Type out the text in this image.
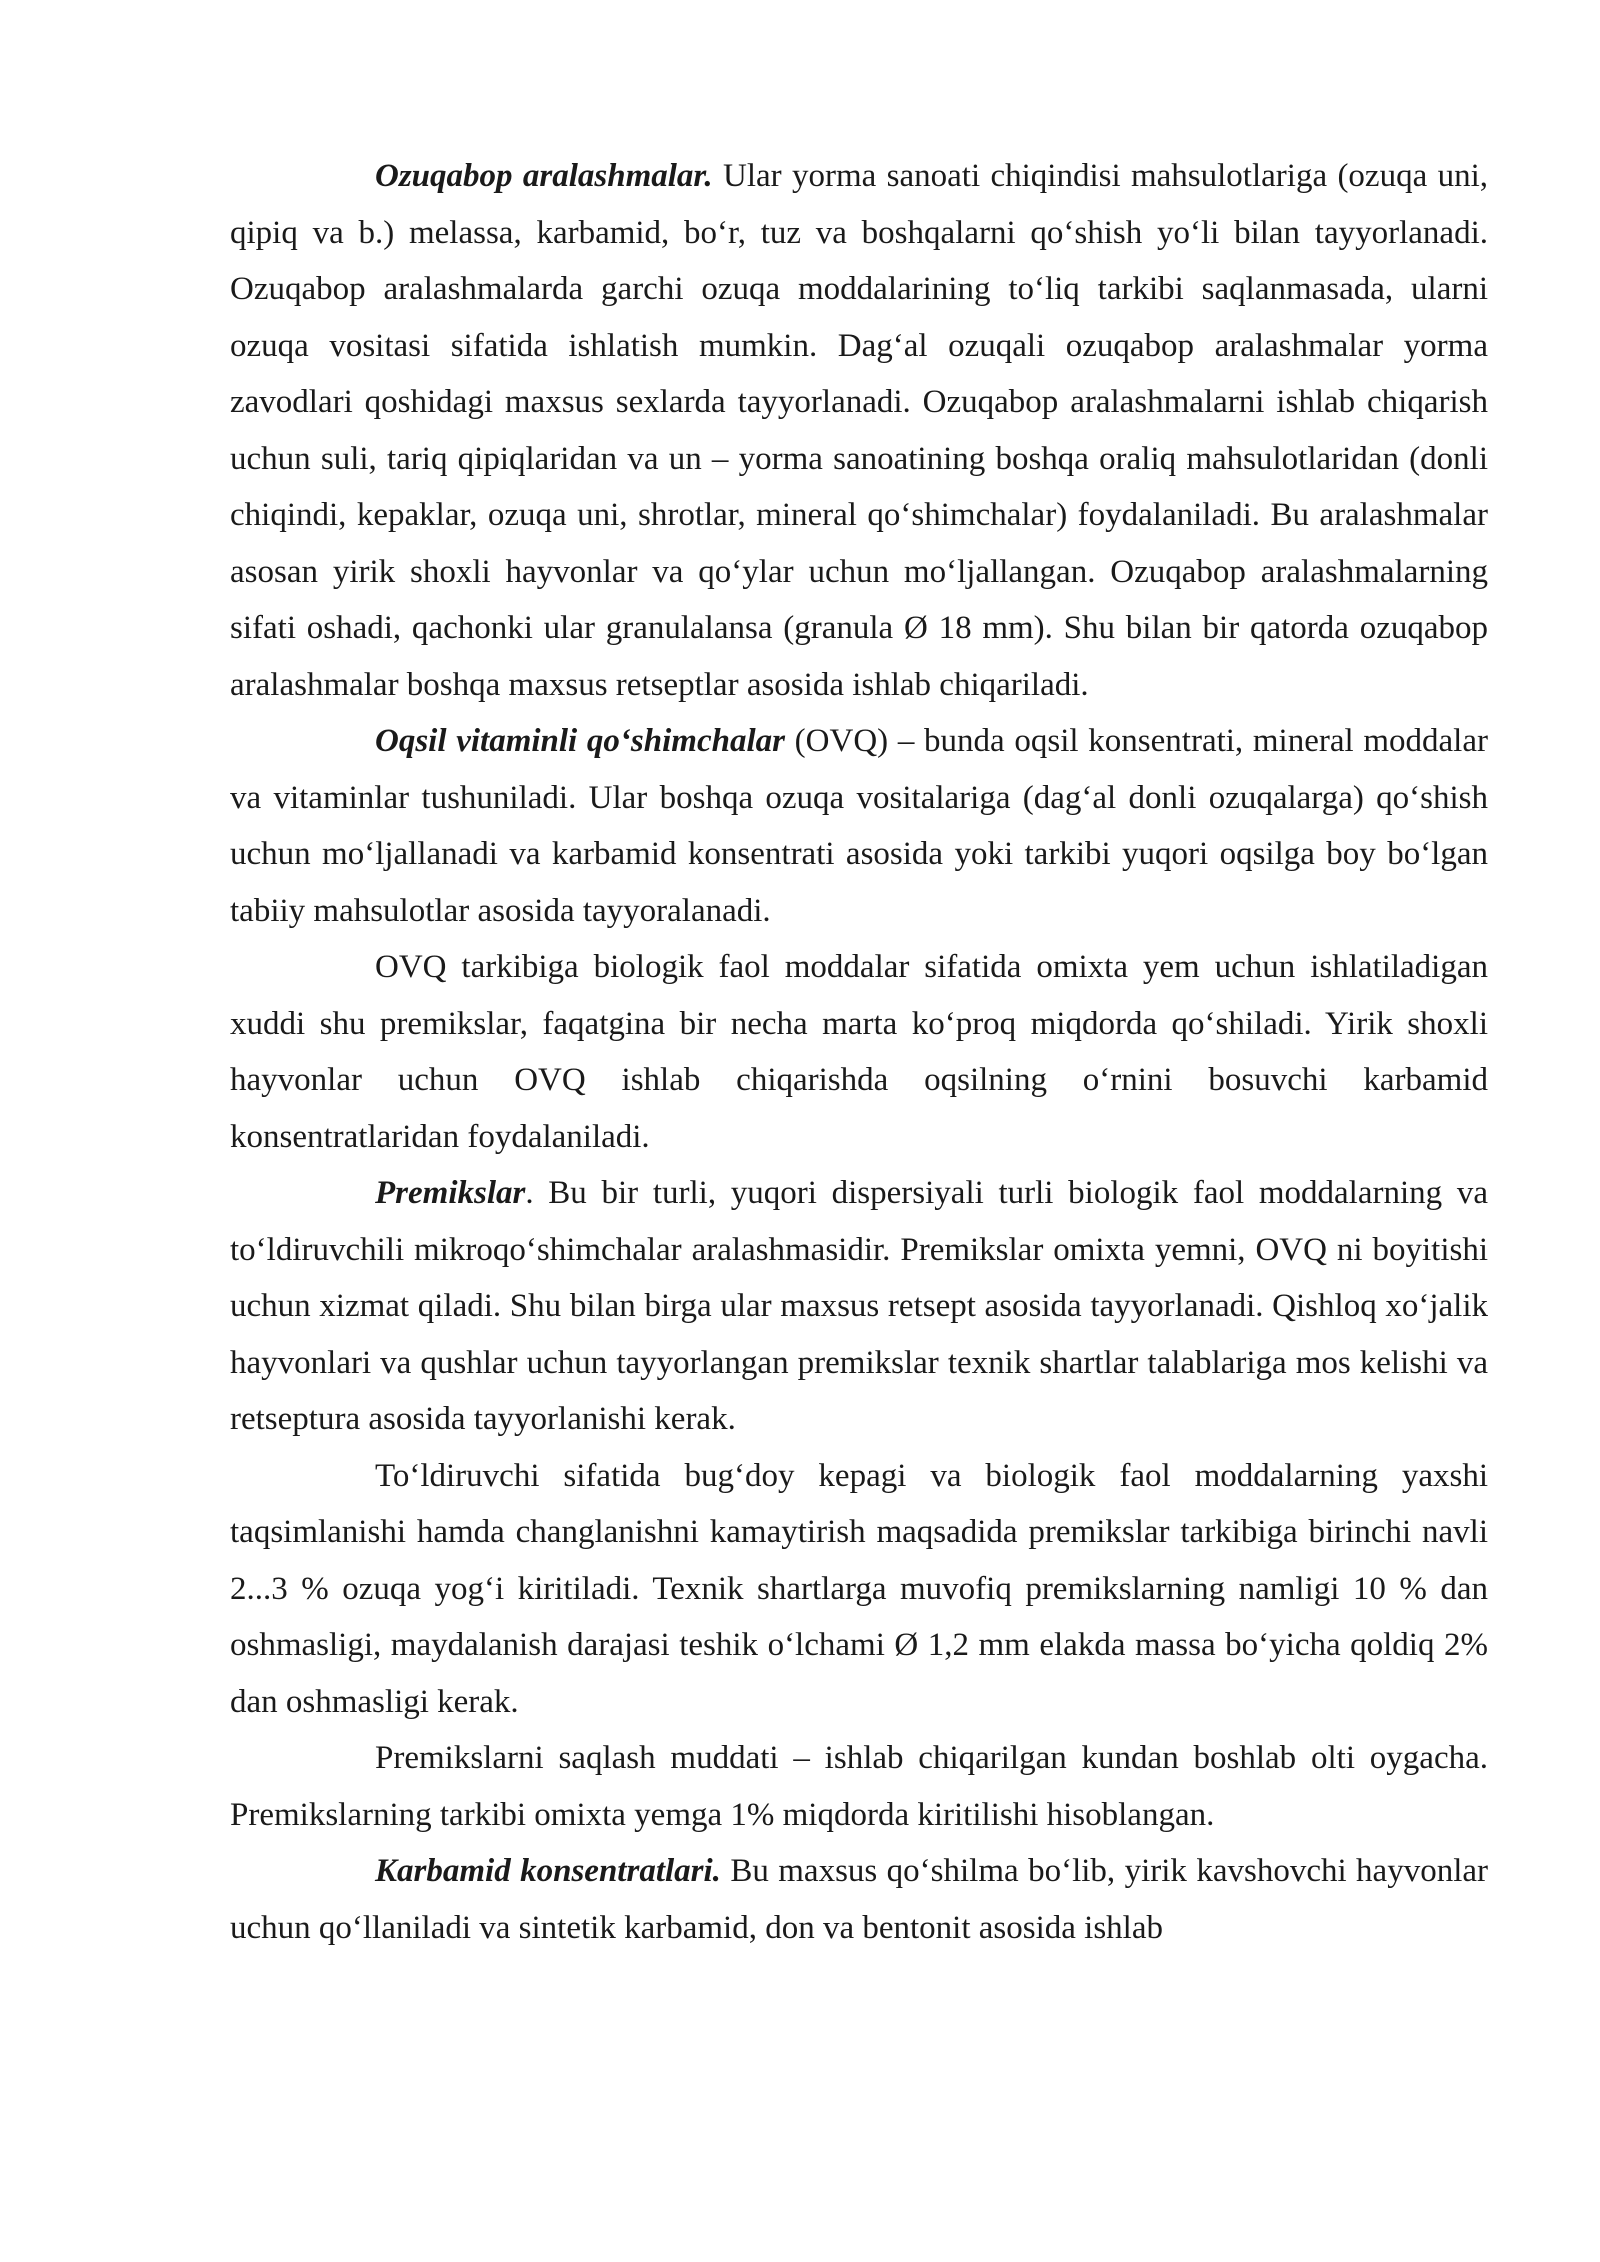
Ozuqabop aralashmalar. Ular yorma sanoati chiqindisi mahsulotlariga (ozuqa uni, qipiq va b.) melassa, karbamid, bo‘r, tuz va boshqalarni qo‘shish yo‘li bilan tayyorlanadi. Ozuqabop aralashmalarda garchi ozuqa moddalarining to‘liq tarkibi saqlanmasada, ularni ozuqa vositasi sifatida ishlatish mumkin. Dag‘al ozuqali ozuqabop aralashmalar yorma zavodlari qoshidagi maxsus sexlarda tayyorlanadi. Ozuqabop aralashmalarni ishlab chiqarish uchun suli, tariq qipiqlaridan va un – yorma sanoatining boshqa oraliq mahsulotlaridan (donli chiqindi, kepaklar, ozuqa uni, shrotlar, mineral qo‘shimchalar) foydalaniladi. Bu aralashmalar asosan yirik shoxli hayvonlar va qo‘ylar uchun mo‘ljallangan. Ozuqabop aralashmalarning sifati oshadi, qachonki ular granulalansa (granula Ø 18 mm). Shu bilan bir qatorda ozuqabop aralashmalar boshqa maxsus retseptlar asosida ishlab chiqariladi.

Oqsil vitaminli qo‘shimchalar (OVQ) – bunda oqsil konsentrati, mineral moddalar va vitaminlar tushuniladi. Ular boshqa ozuqa vositalariga (dag‘al donli ozuqalarga) qo‘shish uchun mo‘ljallanadi va karbamid konsentrati asosida yoki tarkibi yuqori oqsilga boy bo‘lgan tabiiy mahsulotlar asosida tayyoralanadi.

OVQ tarkibiga biologik faol moddalar sifatida omixta yem uchun ishlatiladigan xuddi shu premikslar, faqatgina bir necha marta ko‘proq miqdorda qo‘shiladi. Yirik shoxli hayvonlar uchun OVQ ishlab chiqarishda oqsilning o‘rnini bosuvchi karbamid konsentratlaridan foydalaniladi.

Premikslar. Bu bir turli, yuqori dispersiyali turli biologik faol moddalarning va to‘ldiruvchili mikroqo‘shimchalar aralashmasidir. Premikslar omixta yemni, OVQ ni boyitishi uchun xizmat qiladi. Shu bilan birga ular maxsus retsept asosida tayyorlanadi. Qishloq xo‘jalik hayvonlari va qushlar uchun tayyorlangan premikslar texnik shartlar talablariga mos kelishi va retseptura asosida tayyorlanishi kerak.

To‘ldiruvchi sifatida bug‘doy kepagi va biologik faol moddalarning yaxshi taqsimlanishi hamda changlanishni kamaytirish maqsadida premikslar tarkibiga birinchi navli 2...3 % ozuqa yog‘i kiritiladi. Texnik shartlarga muvofiq premikslarning namligi 10 % dan oshmasligi, maydalanish darajasi teshik o‘lchami Ø 1,2 mm elakda massa bo‘yicha qoldiq 2% dan oshmasligi kerak.

Premikslarni saqlash muddati – ishlab chiqarilgan kundan boshlab olti oygacha. Premikslarning tarkibi omixta yemga 1% miqdorda kiritilishi hisoblangan.

Karbamid konsentratlari. Bu maxsus qo‘shilma bo‘lib, yirik kavshovchi hayvonlar uchun qo‘llaniladi va sintetik karbamid, don va bentonit asosida ishlab
